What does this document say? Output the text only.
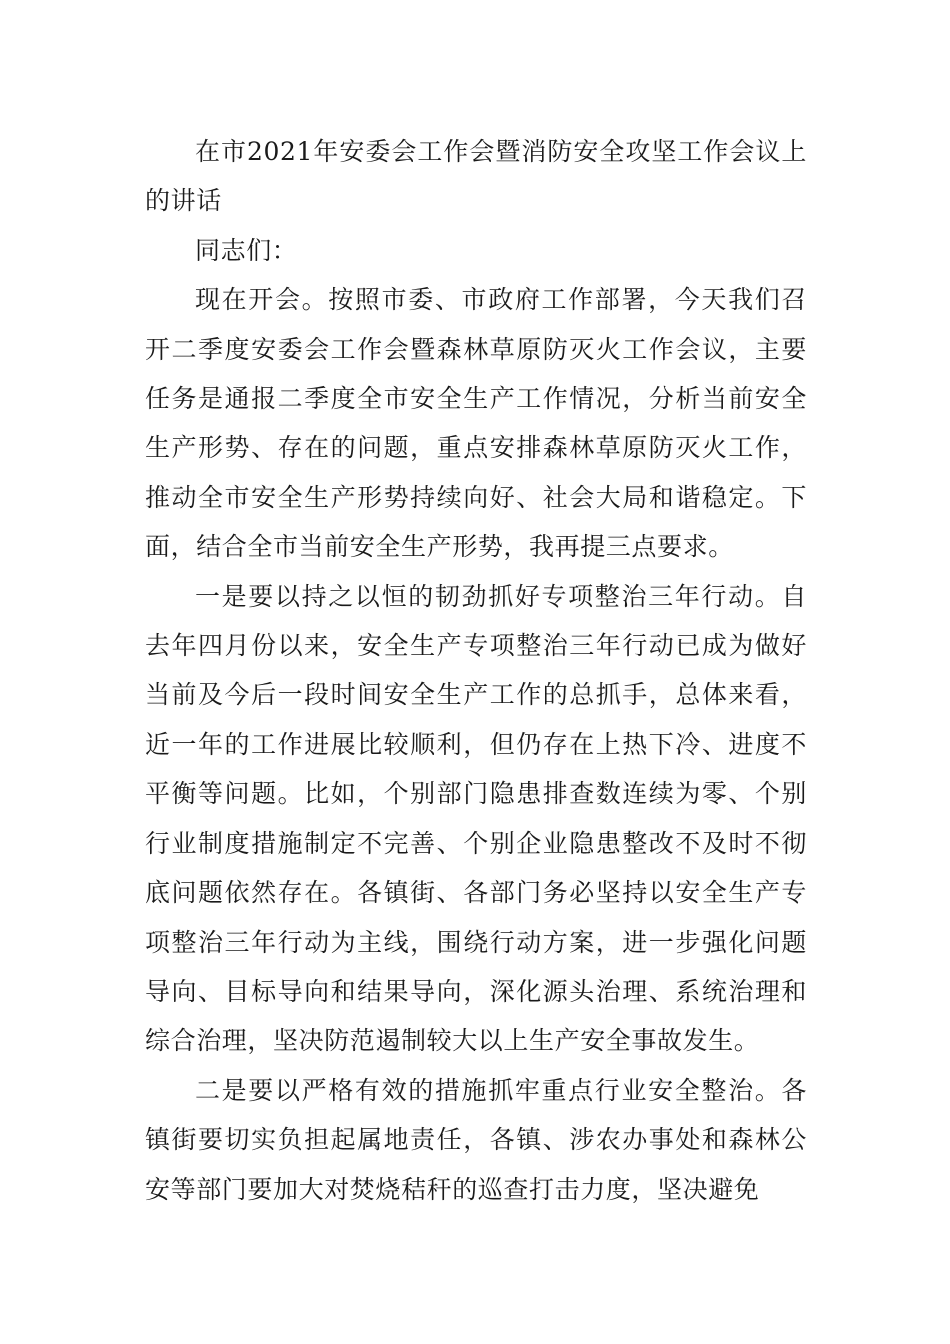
在市2021年安委会工作会暨消防安全攻坚工作会议上的讲话

同志们：

现在开会。按照市委、市政府工作部署，今天我们召开二季度安委会工作会暨森林草原防灭火工作会议，主要任务是通报二季度全市安全生产工作情况，分析当前安全生产形势、存在的问题，重点安排森林草原防灭火工作，推动全市安全生产形势持续向好、社会大局和谐稳定。下面，结合全市当前安全生产形势，我再提三点要求。

一是要以持之以恒的韧劲抓好专项整治三年行动。自去年四月份以来，安全生产专项整治三年行动已成为做好当前及今后一段时间安全生产工作的总抓手，总体来看，近一年的工作进展比较顺利，但仍存在上热下冷、进度不平衡等问题。比如，个别部门隐患排查数连续为零、个别行业制度措施制定不完善、个别企业隐患整改不及时不彻底问题依然存在。各镇街、各部门务必坚持以安全生产专项整治三年行动为主线，围绕行动方案，进一步强化问题导向、目标导向和结果导向，深化源头治理、系统治理和综合治理，坚决防范遏制较大以上生产安全事故发生。

二是要以严格有效的措施抓牢重点行业安全整治。各镇街要切实负担起属地责任，各镇、涉农办事处和森林公安等部门要加大对焚烧秸秆的巡查打击力度，坚决避免
